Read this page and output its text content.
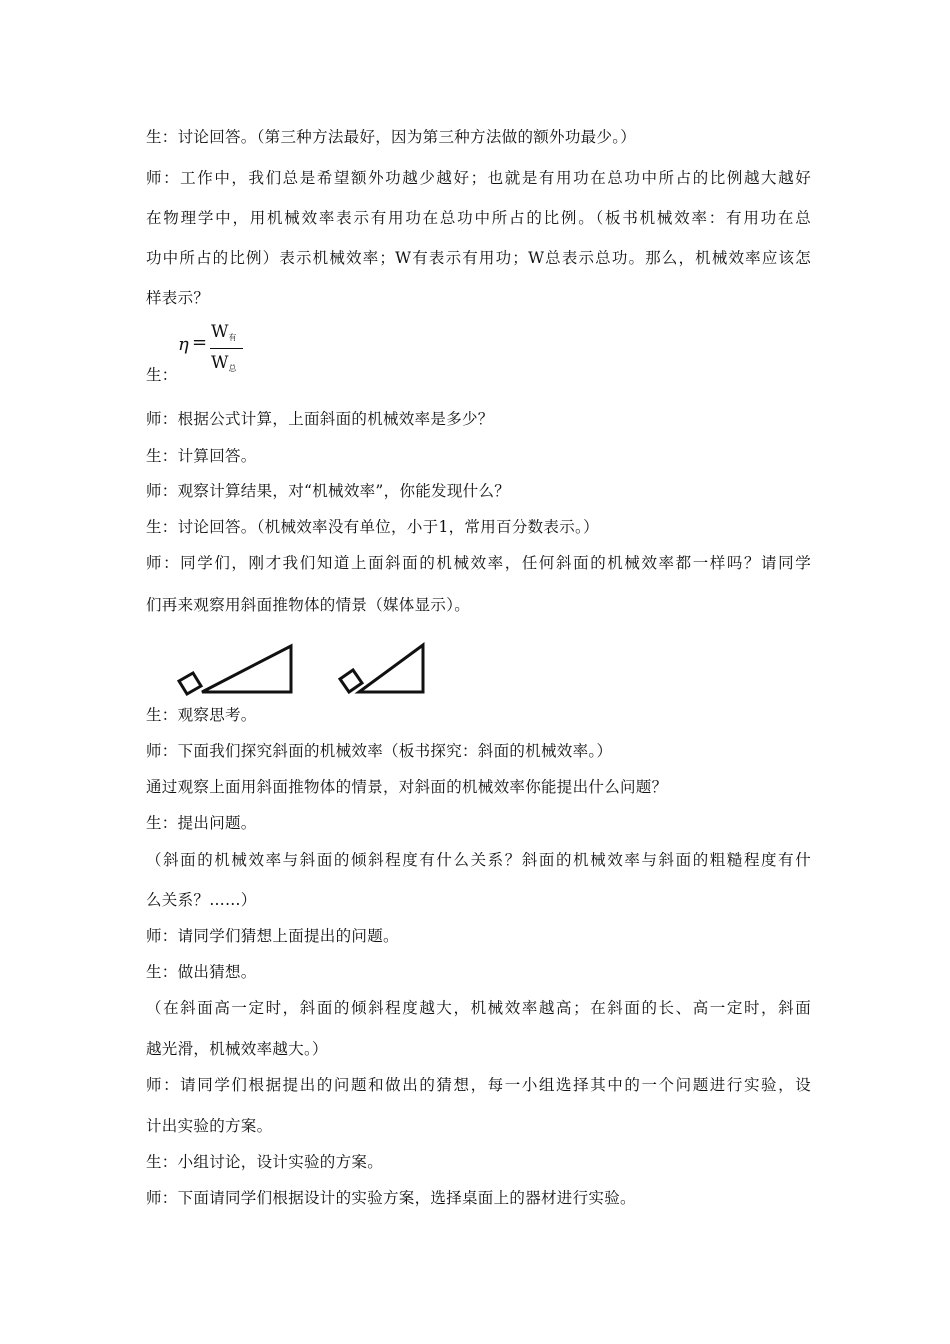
生：讨论回答。（第三种方法最好，因为第三种方法做的额外功最少。）
师：工作中，我们总是希望额外功越少越好；也就是有用功在总功中所占的比例越大越好
在物理学中，用机械效率表示有用功在总功中所占的比例。（板书机械效率：有用功在总
功中所占的比例）表示机械效率；W有表示有用功；W总表示总功。那么，机械效率应该怎
样表示？
生：
$\eta = W_有$
$W_总$
师：根据公式计算，上面斜面的机械效率是多少？
生：计算回答。
师：观察计算结果，对“机械效率”，你能发现什么？
生：讨论回答。（机械效率没有单位，小于1，常用百分数表示。）
师：同学们，刚才我们知道上面斜面的机械效率，任何斜面的机械效率都一样吗？请同学
们再来观察用斜面推物体的情景（媒体显示）。
生：观察思考。
师：下面我们探究斜面的机械效率（板书探究：斜面的机械效率。）
通过观察上面用斜面推物体的情景，对斜面的机械效率你能提出什么问题？
生：提出问题。
（斜面的机械效率与斜面的倾斜程度有什么关系？斜面的机械效率与斜面的粗糙程度有什
么关系？……）
师：请同学们猜想上面提出的问题。
生：做出猜想。
（在斜面高一定时，斜面的倾斜程度越大，机械效率越高；在斜面的长、高一定时，斜面
越光滑，机械效率越大。）
师：请同学们根据提出的问题和做出的猜想，每一小组选择其中的一个问题进行实验，设
计出实验的方案。
生：小组讨论，设计实验的方案。
师：下面请同学们根据设计的实验方案，选择桌面上的器材进行实验。
